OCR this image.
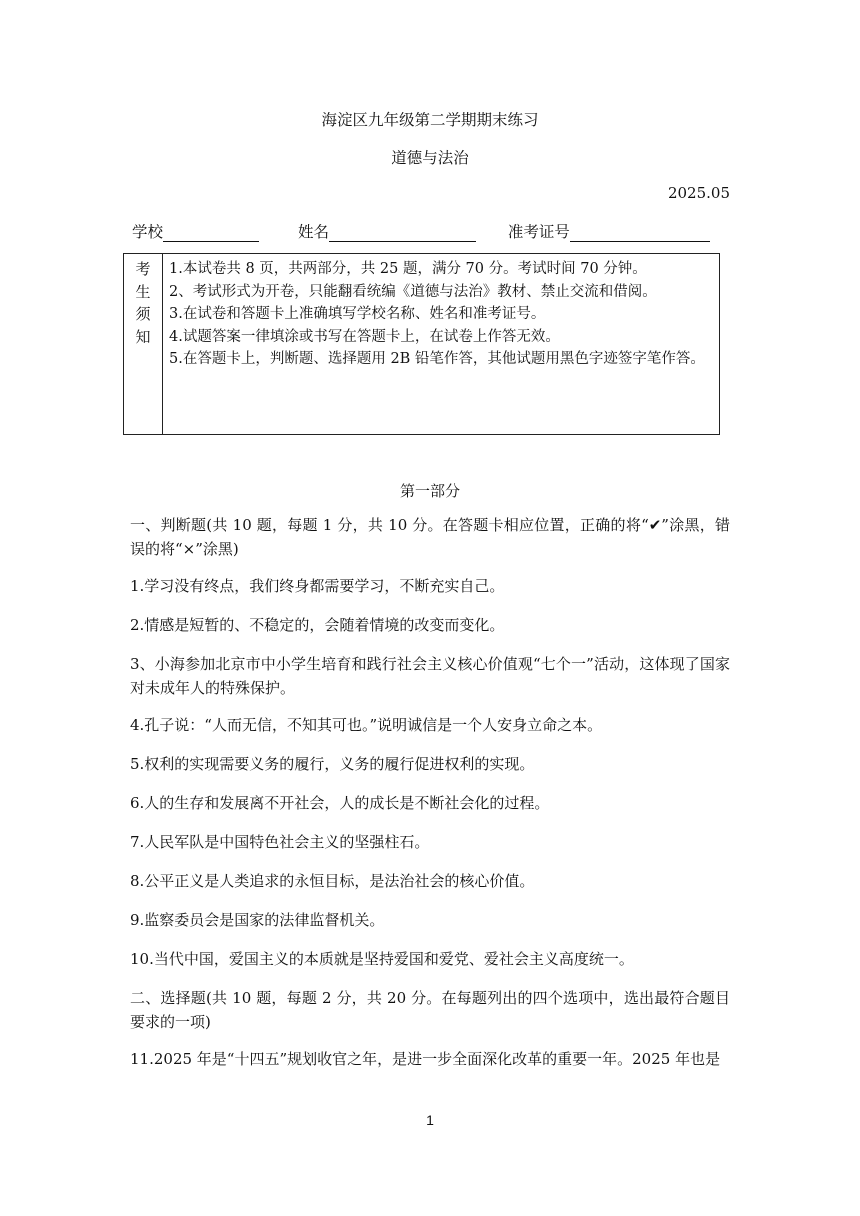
海淀区九年级第二学期期末练习
道德与法治
2025.05
学校	姓名	准考证号
考
生
须
知

1.本试卷共 8 页，共两部分，共 25 题，满分 70 分。考试时间 70 分钟。

2、考试形式为开卷，只能翻看统编《道德与法治》教材、禁止交流和借阅。

3.在试卷和答题卡上准确填写学校名称、姓名和准考证号。

4.试题答案一律填涂或书写在答题卡上，在试卷上作答无效。

5.在答题卡上，判断题、选择题用 2B 铅笔作答，其他试题用黑色字迹签字笔作答。

第一部分

一、判断题(共 10 题，每题 1 分，共 10 分。在答题卡相应位置，正确的将“✔”涂黑，错误的将“×”涂黑)

1.学习没有终点，我们终身都需要学习，不断充实自己。

2.情感是短暂的、不稳定的，会随着情境的改变而变化。

3、小海参加北京市中小学生培育和践行社会主义核心价值观“七个一”活动，这体现了国家对未成年人的特殊保护。

4.孔子说：“人而无信，不知其可也。”说明诚信是一个人安身立命之本。

5.权利的实现需要义务的履行，义务的履行促进权利的实现。

6.人的生存和发展离不开社会，人的成长是不断社会化的过程。

7.人民军队是中国特色社会主义的坚强柱石。

8.公平正义是人类追求的永恒目标，是法治社会的核心价值。

9.监察委员会是国家的法律监督机关。

10.当代中国，爱国主义的本质就是坚持爱国和爱党、爱社会主义高度统一。

二、选择题(共 10 题，每题 2 分，共 20 分。在每题列出的四个选项中，选出最符合题目要求的一项)

11.2025 年是“十四五”规划收官之年，是进一步全面深化改革的重要一年。2025 年也是

1
